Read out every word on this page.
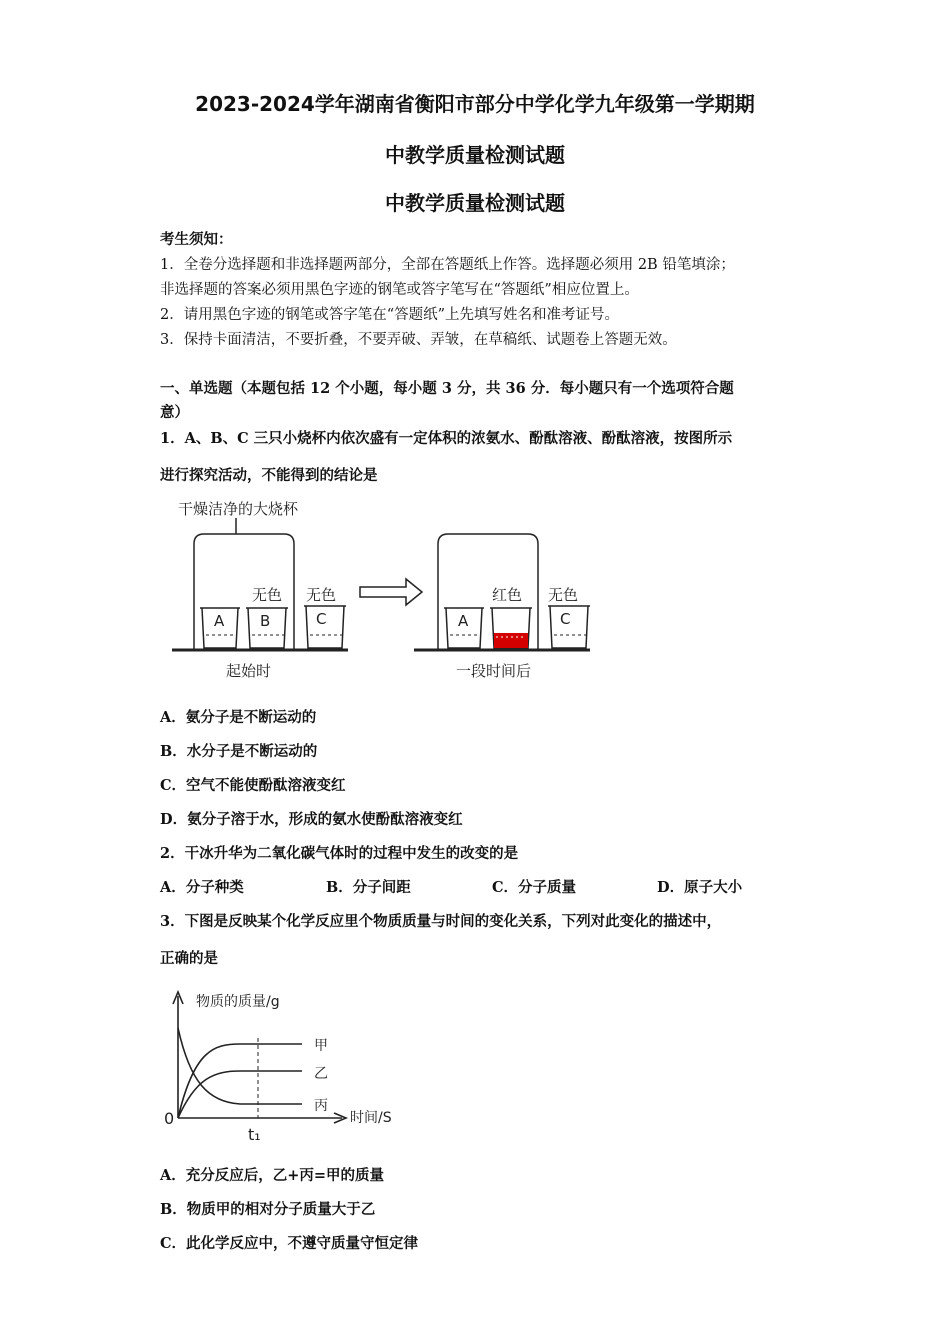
2023-2024学年湖南省衡阳市部分中学化学九年级第一学期期
中教学质量检测试题
中教学质量检测试题
考生须知：
1．全卷分选择题和非选择题两部分，全部在答题纸上作答。选择题必须用 2B 铅笔填涂；
非选择题的答案必须用黑色字迹的钢笔或答字笔写在“答题纸”相应位置上。
2．请用黑色字迹的钢笔或答字笔在“答题纸”上先填写姓名和准考证号。
3．保持卡面清洁，不要折叠，不要弄破、弄皱，在草稿纸、试题卷上答题无效。
一、单选题（本题包括 12 个小题，每小题 3 分，共 36 分．每小题只有一个选项符合题
意）
1．A、B、C 三只小烧杯内依次盛有一定体积的浓氨水、酚酞溶液、酚酞溶液，按图所示
进行探究活动，不能得到的结论是
干燥洁净的大烧杯
A B	C
无色 无色
起始时
A B	C
红色 无色
一段时间后
A．氨分子是不断运动的
B．水分子是不断运动的
C．空气不能使酚酞溶液变红
D．氨分子溶于水，形成的氨水使酚酞溶液变红
2．干冰升华为二氧化碳气体时的过程中发生的改变的是
A．分子种类	B．分子间距	C．分子质量	D．原子大小
3．下图是反映某个化学反应里个物质质量与时间的变化关系，下列对此变化的描述中，
正确的是
物质的质量/g
时间/S
0
t₁
甲
乙
丙
A．充分反应后，乙+丙=甲的质量
B．物质甲的相对分子质量大于乙
C．此化学反应中，不遵守质量守恒定律
